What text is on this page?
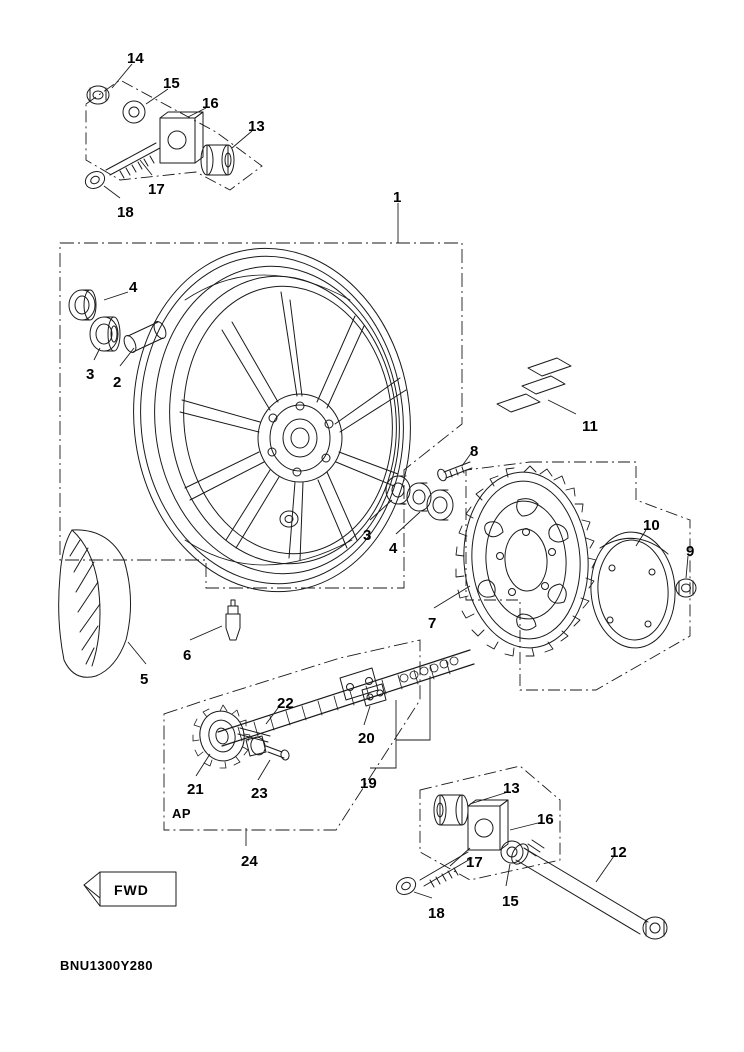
14
15
16
13
17
18
1
4
3 2
11
8
3
4
10
9
7
5
6
22
20
19
21	23
24
13
16
12
17
15
18
AP
FWD
BNU1300Y280
